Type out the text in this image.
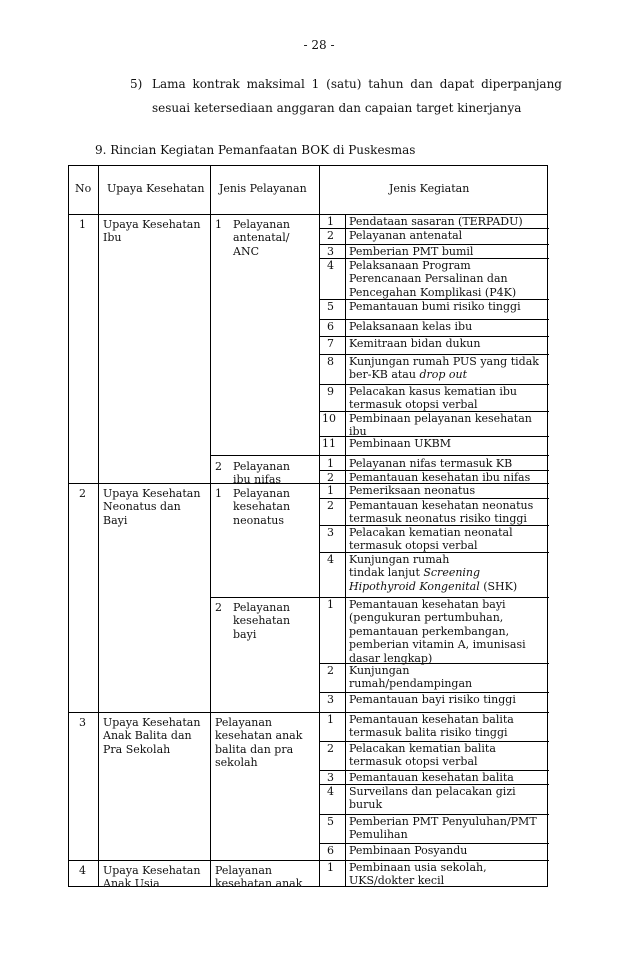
- 28 -
5) Lama kontrak maksimal 1 (satu) tahun dan dapat diperpanjang
sesuai ketersediaan anggaran dan capaian target kinerjanya
9. Rincian Kegiatan Pemanfaatan BOK di Puskesmas
No Upaya Kesehatan Jenis Pelayanan	Jenis Kegiatan
1 Upaya Kesehatan
Ibu
2 Upaya Kesehatan
Neonatus dan
Bayi
3 Upaya Kesehatan
Anak Balita dan
Pra Sekolah
4 Upaya Kesehatan
Anak Usia
1 Pelayanan
antenatal/
ANC
2 Pelayanan
ibu nifas
1 Pelayanan
kesehatan
neonatus
2 Pelayanan
kesehatan
bayi
Pelayanan
kesehatan anak
balita dan pra
sekolah
Pelayanan
kesehatan anak
1 Pendataan sasaran (TERPADU)
2 Pelayanan antenatal
3 Pemberian PMT bumil
4 Pelaksanaan Program
Perencanaan Persalinan dan
Pencegahan Komplikasi (P4K)
5 Pemantauan bumi risiko tinggi
6 Pelaksanaan kelas ibu
7 Kemitraan bidan dukun
8 Kunjungan rumah PUS yang tidak
ber-KB atau drop out
9 Pelacakan kasus kematian ibu
termasuk otopsi verbal
10 Pembinaan pelayanan kesehatan
ibu
11 Pembinaan UKBM
1 Pelayanan nifas termasuk KB
2 Pemantauan kesehatan ibu nifas
1 Pemeriksaan neonatus
2 Pemantauan kesehatan neonatus
termasuk neonatus risiko tinggi
3 Pelacakan kematian neonatal
termasuk otopsi verbal
4 Kunjungan rumah
tindak lanjut Screening
Hipothyroid Kongenital (SHK)
1 Pemantauan kesehatan bayi
(pengukuran pertumbuhan,
pemantauan perkembangan,
pemberian vitamin A, imunisasi
dasar lengkap)
2 Kunjungan
rumah/pendampingan
3 Pemantauan bayi risiko tinggi
1 Pemantauan kesehatan balita
termasuk balita risiko tinggi
2 Pelacakan kematian balita
termasuk otopsi verbal
3 Pemantauan kesehatan balita
4 Surveilans dan pelacakan gizi
buruk
5 Pemberian PMT Penyuluhan/PMT
Pemulihan
6 Pembinaan Posyandu
1 Pembinaan usia sekolah,
UKS/dokter kecil
